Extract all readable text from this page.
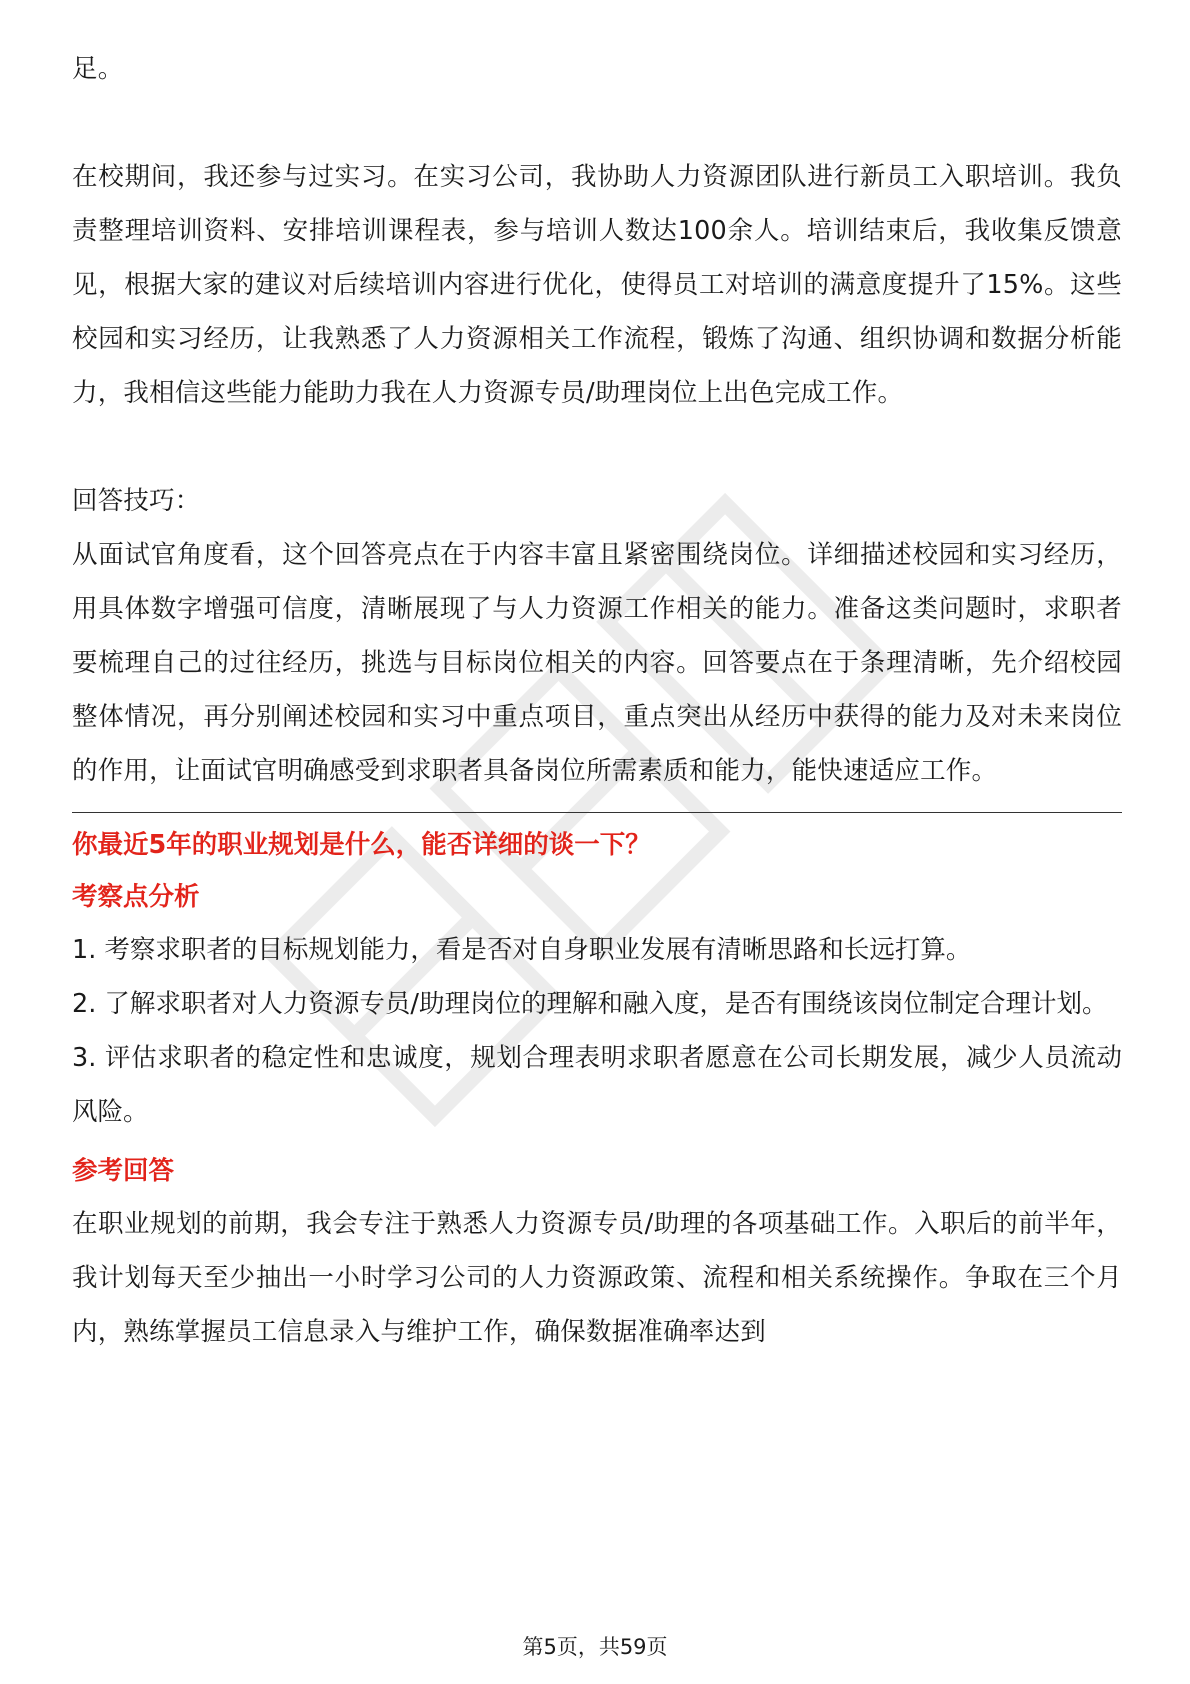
足。

在校期间，我还参与过实习。在实习公司，我协助人力资源团队进行新员工入职培训。我负责整理培训资料、安排培训课程表，参与培训人数达100余人。培训结束后，我收集反馈意见，根据大家的建议对后续培训内容进行优化，使得员工对培训的满意度提升了15%。这些校园和实习经历，让我熟悉了人力资源相关工作流程，锻炼了沟通、组织协调和数据分析能力，我相信这些能力能助力我在人力资源专员/助理岗位上出色完成工作。

回答技巧：

从面试官角度看，这个回答亮点在于内容丰富且紧密围绕岗位。详细描述校园和实习经历，用具体数字增强可信度，清晰展现了与人力资源工作相关的能力。准备这类问题时，求职者要梳理自己的过往经历，挑选与目标岗位相关的内容。回答要点在于条理清晰，先介绍校园整体情况，再分别阐述校园和实习中重点项目，重点突出从经历中获得的能力及对未来岗位的作用，让面试官明确感受到求职者具备岗位所需素质和能力，能快速适应工作。

你最近5年的职业规划是什么，能否详细的谈一下？

考察点分析

1. 考察求职者的目标规划能力，看是否对自身职业发展有清晰思路和长远打算。

2. 了解求职者对人力资源专员/助理岗位的理解和融入度，是否有围绕该岗位制定合理计划。

3. 评估求职者的稳定性和忠诚度，规划合理表明求职者愿意在公司长期发展，减少人员流动风险。

参考回答

在职业规划的前期，我会专注于熟悉人力资源专员/助理的各项基础工作。入职后的前半年，我计划每天至少抽出一小时学习公司的人力资源政策、流程和相关系统操作。争取在三个月内，熟练掌握员工信息录入与维护工作，确保数据准确率达到

第5页，共59页
